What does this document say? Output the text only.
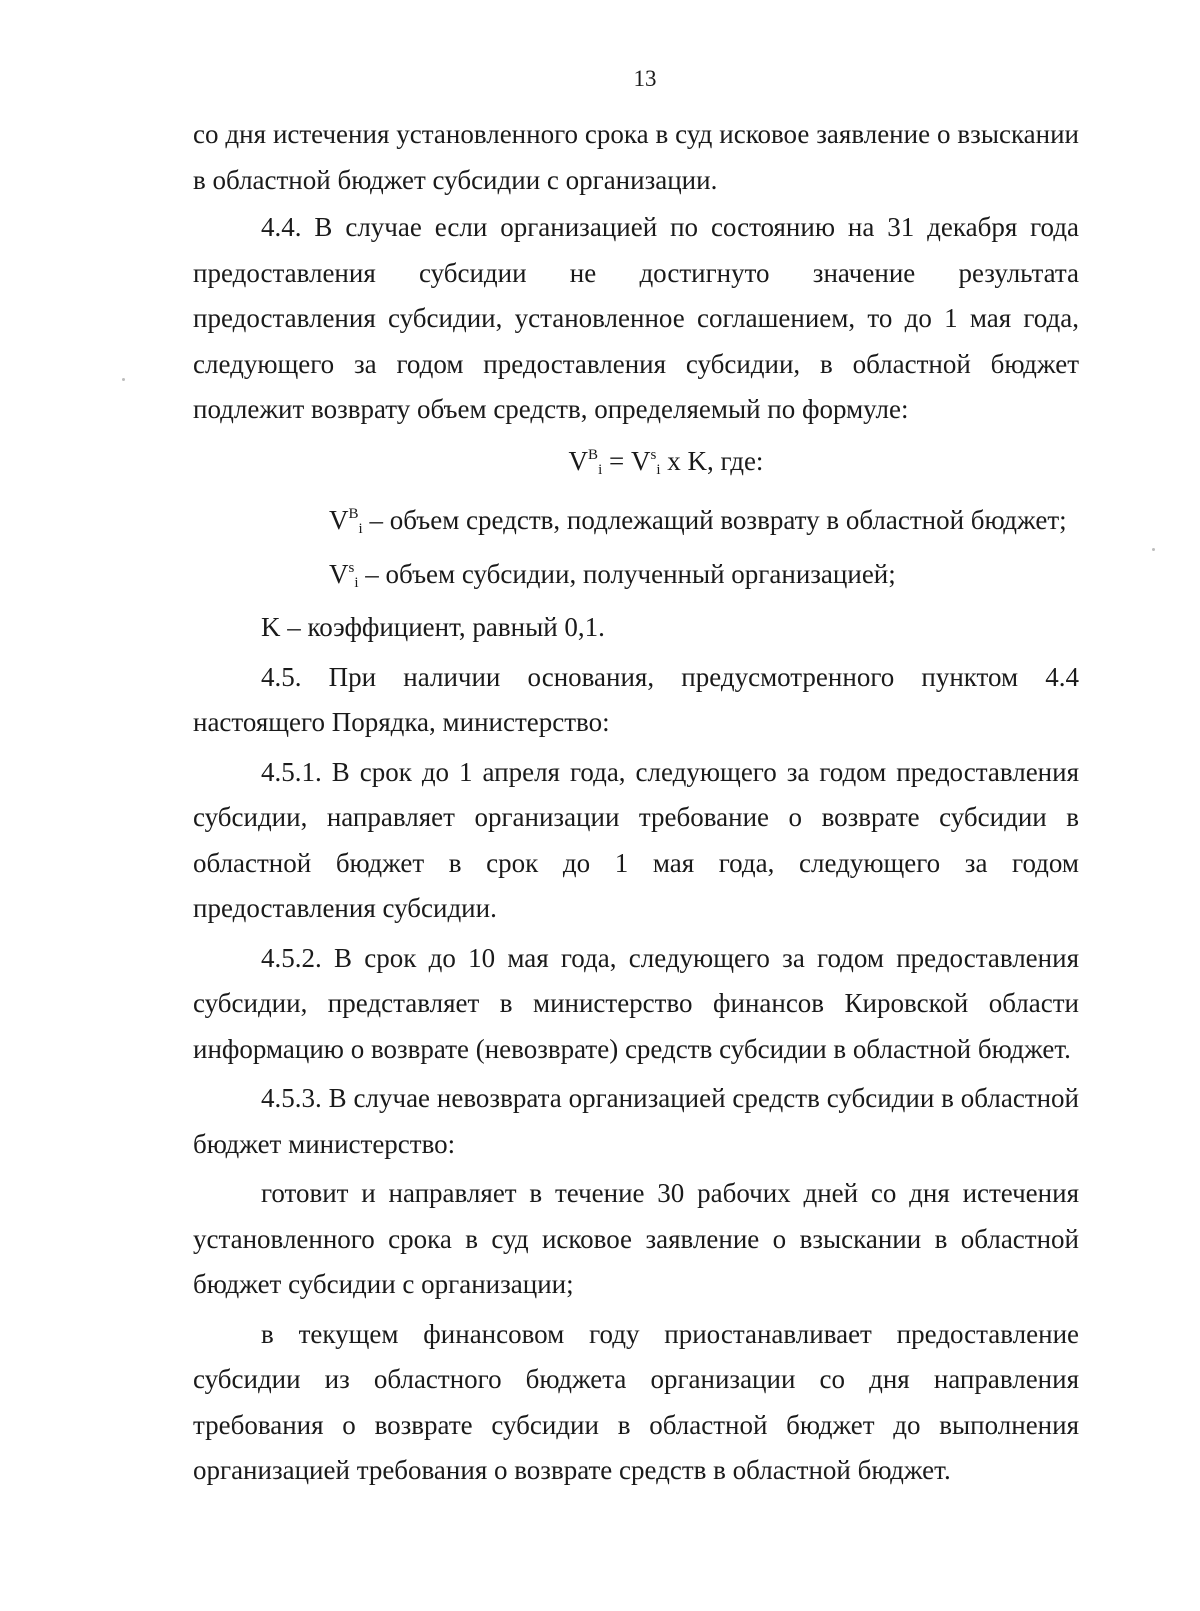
13

со дня истечения установленного срока в суд исковое заявление о взыскании в областной бюджет субсидии с организации.

4.4. В случае если организацией по состоянию на 31 декабря года предоставления субсидии не достигнуто значение результата предоставления субсидии, установленное соглашением, то до 1 мая года, следующего за годом предоставления субсидии, в областной бюджет подлежит возврату объем средств, определяемый по формуле:

$V^B_i = V^s_i$ x K, где:

$V^B_i$ – объем средств, подлежащий возврату в областной бюджет;

$V^s_i$ – объем субсидии, полученный организацией;

K – коэффициент, равный 0,1.

4.5. При наличии основания, предусмотренного пунктом 4.4 настоящего Порядка, министерство:

4.5.1. В срок до 1 апреля года, следующего за годом предоставления субсидии, направляет организации требование о возврате субсидии в областной бюджет в срок до 1 мая года, следующего за годом предоставления субсидии.

4.5.2. В срок до 10 мая года, следующего за годом предоставления субсидии, представляет в министерство финансов Кировской области информацию о возврате (невозврате) средств субсидии в областной бюджет.

4.5.3. В случае невозврата организацией средств субсидии в областной бюджет министерство:

готовит и направляет в течение 30 рабочих дней со дня истечения установленного срока в суд исковое заявление о взыскании в областной бюджет субсидии с организации;

в текущем финансовом году приостанавливает предоставление субсидии из областного бюджета организации со дня направления требования о возврате субсидии в областной бюджет до выполнения организацией требования о возврате средств в областной бюджет.
